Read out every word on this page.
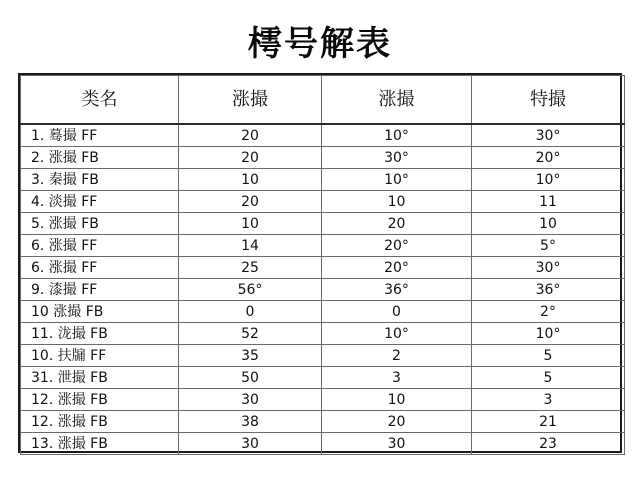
樗号解表
类名	涨撮	涨撮	特撮
1. 蓦撮 FF	20	10°	30°
2. 涨撮 FB	20	30°	20°
3. 秦撮 FB	10	10°	10°
4. 淡撮 FF	20	10	11
5. 涨撮 FB	10	20	10
6. 涨撮 FF	14	20°	5°
6. 涨撮 FF	25	20°	30°
9. 漆撮 FF	56°	36°	36°
10 涨撮 FB	0	0	2°
11. 泷撮 FB	52	10°	10°
10. 扶牖 FF	35	2	5
31. 泄撮 FB	50	3	5
12. 涨撮 FB	30	10	3
12. 涨撮 FB	38	20	21
13. 涨撮 FB	30	30	23
